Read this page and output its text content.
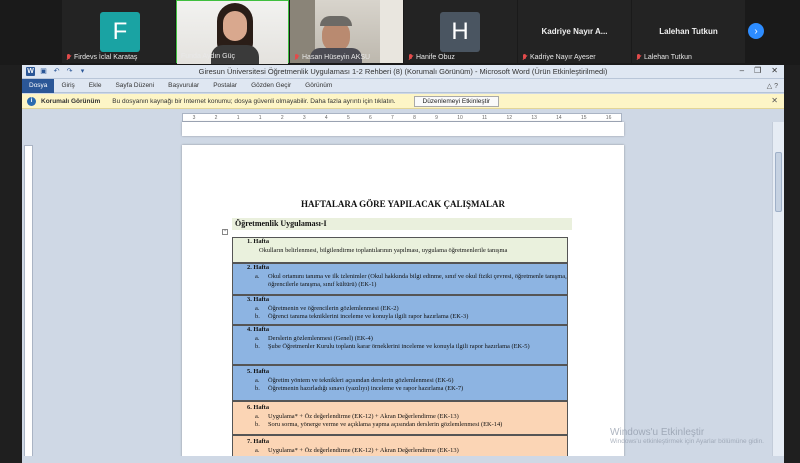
F
Firdevs İclal Karataş	Funda Aydın Güç	Hasan Hüseyin AKSU
H
Hanife Obuz
Kadriye Nayır A...
Kadriye Nayır Ayeser
Lalehan Tutkun
Lalehan Tutkun
›
W ▣ ↶ ↷	▾	Giresun Üniversitesi Öğretmenlik Uygulaması 1-2 Rehberi (8) (Korumalı Görünüm) - Microsoft Word (Ürün Etkinleştirilmedi)	– ❐ ✕
Dosya	Giriş	Ekle	Sayfa Düzeni	Başvurular	Postalar	Gözden Geçir	Görünüm	△ ?
i	Korumalı Görünüm Bu dosyanın kaynağı bir Internet konumu; dosya güvenli olmayabilir. Daha fazla ayrıntı için tıklatın.	Düzenlemeyi Etkinleştir	✕
3	2	1	1	2	3	4	5	6	7	8	9	10	11	12	13	14	15	16
HAFTALARA GÖRE YAPILACAK ÇALIŞMALAR
Öğretmenlik Uygulaması-I
+
1. Hafta
Okulların belirlenmesi, bilgilendirme toplantılarının yapılması, uygulama öğretmenlerile tanışma
2. Hafta
a.	Okul ortamını tanıma ve ilk izlenimler (Okul hakkında bilgi edinme, sınıf ve okul fiziki çevresi, öğretmenle tanışma, öğrencilerle tanışma, sınıf kültürü) (EK-1)
3. Hafta
a.	Öğretmenin ve öğrencilerin gözlemlenmesi (EK-2)
b.	Öğrenci tanıma tekniklerini inceleme ve konuyla ilgili rapor hazırlama (EK-3)
4. Hafta
a.	Derslerin gözlemlenmesi (Genel) (EK-4)
b.	Şube Öğretmenler Kurulu toplantı karar örneklerini inceleme ve konuyla ilgili rapor hazırlama (EK-5)
5. Hafta
a.	Öğretim yöntem ve teknikleri açısından derslerin gözlemlenmesi (EK-6)
b.	Öğretmenin hazırladığı sınavı (yazılıyı) inceleme ve rapor hazırlama (EK-7)
6. Hafta
a.	Uygulama* + Öz değerlendirme (EK-12) + Akran Değerlendirme (EK-13)
b.	Soru sorma, yönerge verme ve açıklama yapma açısından derslerin gözlemlenmesi (EK-14)
7. Hafta
a.	Uygulama* + Öz değerlendirme (EK-12) + Akran Değerlendirme (EK-13)
Windows'u Etkinleştir
Windows'u etkinleştirmek için Ayarlar bölümüne gidin.
